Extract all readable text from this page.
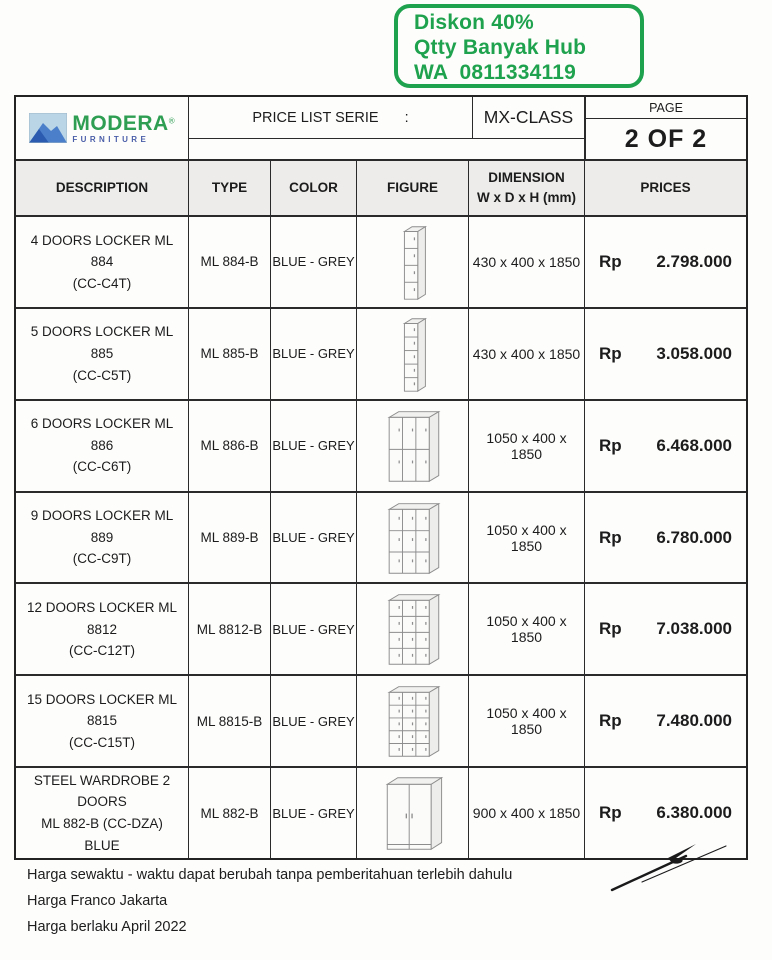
Diskon 40%
Qtty Banyak Hub
WA  0811334119
MODERA®
FURNITURE
PRICE LIST SERIE :	MX-CLASS	PAGE
2 OF 2
DESCRIPTION	TYPE	COLOR	FIGURE
DIMENSION
W x D x H (mm)
PRICES
4 DOORS LOCKER ML 884
(CC-C4T)
ML 884-B	BLUE - GREY	430 x 400 x 1850 Rp 2.798.000
5 DOORS LOCKER ML 885
(CC-C5T)
ML 885-B	BLUE - GREY	430 x 400 x 1850 Rp 3.058.000
6 DOORS LOCKER ML 886
(CC-C6T)
ML 886-B	BLUE - GREY	1050 x 400 x 1850	Rp 6.468.000
9 DOORS LOCKER ML 889
(CC-C9T)
ML 889-B	BLUE - GREY	1050 x 400 x 1850	Rp 6.780.000
12 DOORS LOCKER ML 8812
(CC-C12T)
ML 8812-B BLUE - GREY	1050 x 400 x 1850	Rp 7.038.000
15 DOORS LOCKER ML 8815
(CC-C15T)
ML 8815-B BLUE - GREY	1050 x 400 x 1850	Rp 7.480.000
STEEL WARDROBE 2 DOORS
ML 882-B (CC-DZA) BLUE
ML 882-B	BLUE - GREY	900 x 400 x 1850 Rp 6.380.000
Harga sewaktu - waktu dapat berubah tanpa pemberitahuan terlebih dahulu
Harga Franco Jakarta
Harga berlaku April 2022
